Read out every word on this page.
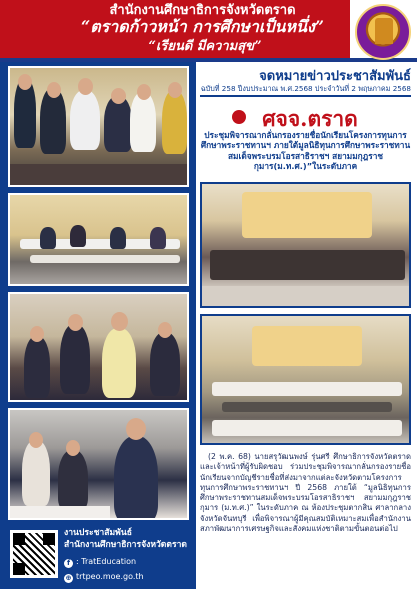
สำนักงานศึกษาธิการจังหวัดตราด
“ตราดก้าวหน้า การศึกษาเป็นหนึ่ง”
“เรียนดี มีความสุข”
งานประชาสัมพันธ์
สำนักงานศึกษาธิการจังหวัดตราด
f : TratEducation
⊕ trtpeo.moe.go.th
จดหมายข่าวประชาสัมพันธ์
ฉบับที่ 258 ปีงบประมาณ พ.ศ.2568 ประจำวันที่ 2 พฤษภาคม 2568
ศจจ.ตราด
ประชุมพิจารณากลั่นกรองรายชื่อนักเรียนโครงการทุนการศึกษาพระราชทานฯ ภายใต้มูลนิธิทุนการศึกษาพระราชทานสมเด็จพระบรมโอรสาธิราชฯ สยามมกุฎราชกุมาร(ม.ท.ศ.)”ในระดับภาค
(2 พ.ค. 68) นายสรุวัฒนพงษ์ รุ่นศรี ศึกษาธิการจังหวัดตราด และเจ้าหน้าที่ผู้รับผิดชอบ ร่วมประชุมพิจารณากลั่นกรองรายชื่อนักเรียนจากบัญชีรายชื่อที่ส่งมาจากแต่ละจังหวัดตามโครงการทุนการศึกษาพระราชทานฯ ปี 2568 ภายใต้ “มูลนิธิทุนการศึกษาพระราชทานสมเด็จพระบรมโอรสาธิราชฯ สยามมกุฎราชกุมาร (ม.ท.ศ.)” ในระดับภาค ณ ห้องประชุมตากสิน ศาลากลางจังหวัดจันทบุรี เพื่อพิจารณาผู้มีคุณสมบัติเหมาะสมเพื่อสำนักงานสภาพัฒนาการเศรษฐกิจและสังคมแห่งชาติตามขั้นตอนต่อไป
